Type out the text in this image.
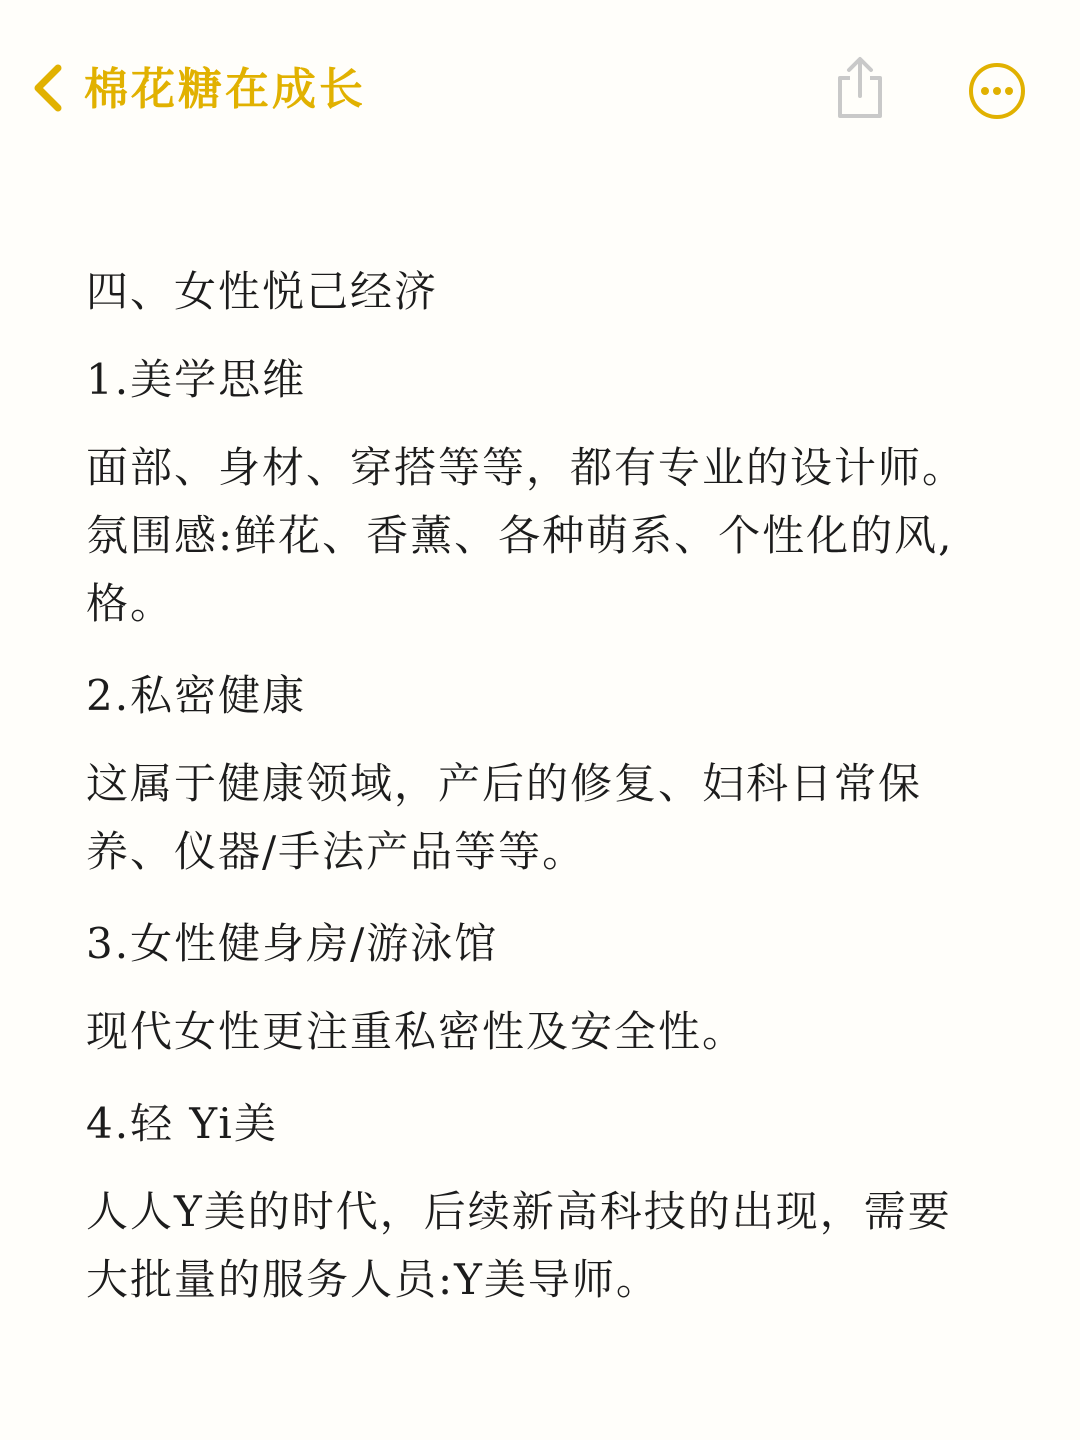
棉花糖在成长

四、女性悦己经济

1.美学思维

面部、身材、穿搭等等，都有专业的设计师。氛围感:鲜花、香薰、各种萌系、个性化的风,格。

2.私密健康

这属于健康领域，产后的修复、妇科日常保养、仪器/手法产品等等。

3.女性健身房/游泳馆

现代女性更注重私密性及安全性。

4.轻 Yi美

人人Y美的时代，后续新高科技的出现，需要大批量的服务人员:Y美导师。
